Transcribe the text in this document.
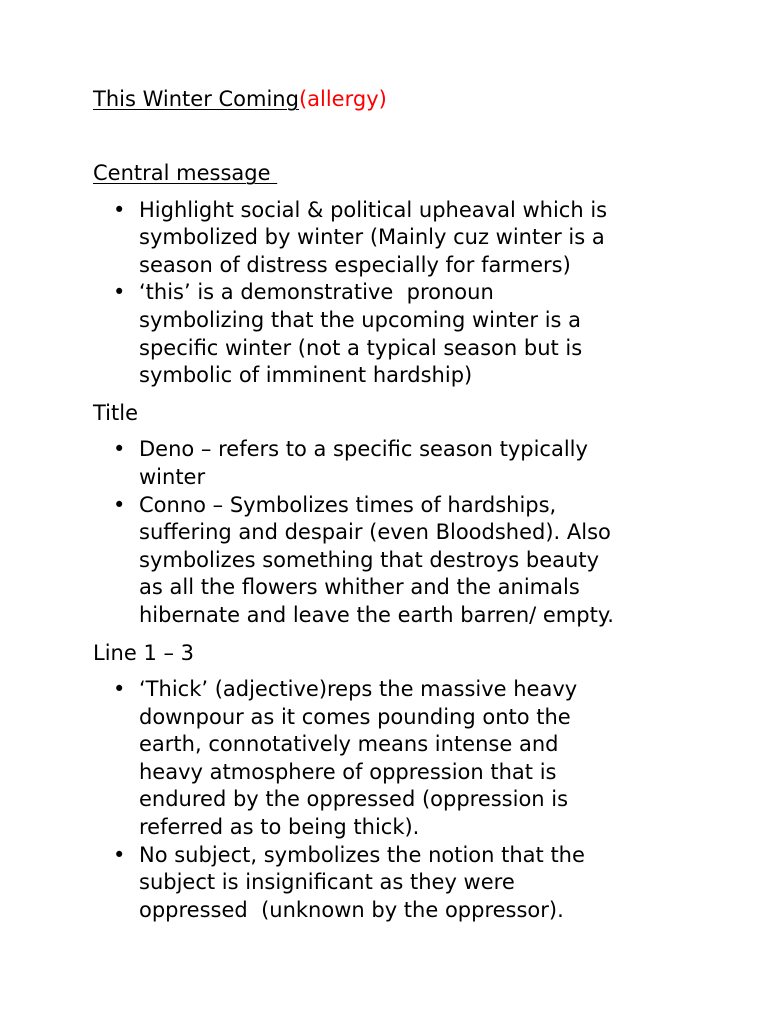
This Winter Coming(allergy)

Central message

• Highlight social & political upheaval which is
symbolized by winter (Mainly cuz winter is a
season of distress especially for farmers)
• ‘this’ is a demonstrative  pronoun
symbolizing that the upcoming winter is a
specific winter (not a typical season but is
symbolic of imminent hardship)

Title

• Deno – refers to a specific season typically
winter
• Conno – Symbolizes times of hardships,
suffering and despair (even Bloodshed). Also
symbolizes something that destroys beauty
as all the flowers whither and the animals
hibernate and leave the earth barren/ empty.

Line 1 – 3

• ‘Thick’ (adjective)reps the massive heavy
downpour as it comes pounding onto the
earth, connotatively means intense and
heavy atmosphere of oppression that is
endured by the oppressed (oppression is
referred as to being thick).
• No subject, symbolizes the notion that the
subject is insignificant as they were
oppressed  (unknown by the oppressor).
